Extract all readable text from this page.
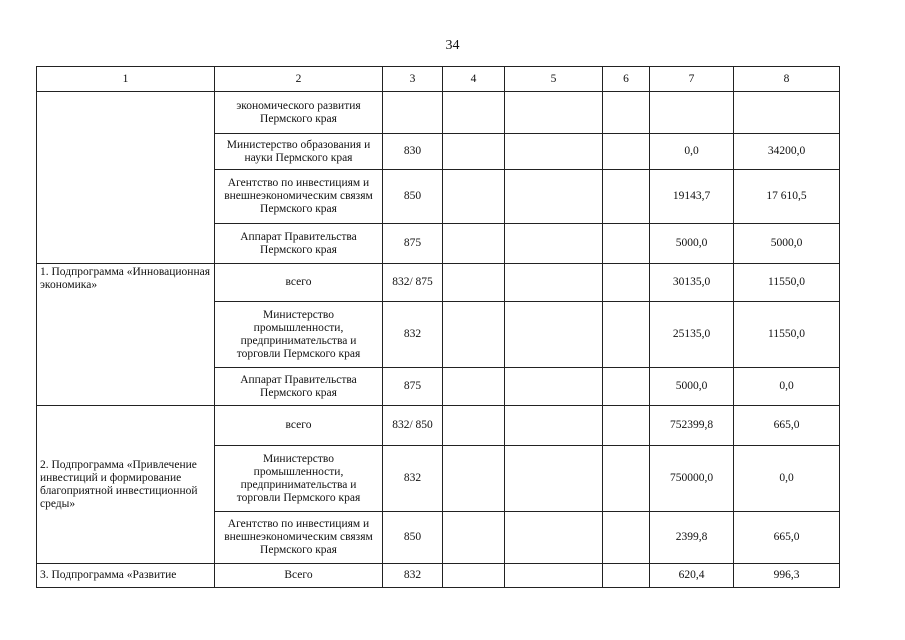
34
1	2	3	4	5	6	7	8
	экономического развития Пермского края						
	Министерство образования и науки Пермского края	830				0,0	34200,0
	Агентство по инвестициям и внешнеэкономическим связям Пермского края	850				19143,7	17 610,5
	Аппарат Правительства Пермского края	875				5000,0	5000,0
1. Подпрограмма «Инновационная экономика»	всего	832/ 875				30135,0	11550,0
	Министерство промышленности, предпринимательства и торговли Пермского края	832				25135,0	11550,0
	Аппарат Правительства Пермского края	875				5000,0	0,0
2. Подпрограмма «Привлечение инвестиций и формирование благоприятной инвестиционной среды»	всего	832/ 850				752399,8	665,0
	Министерство промышленности, предпринимательства и торговли Пермского края	832				750000,0	0,0
	Агентство по инвестициям и внешнеэкономическим связям Пермского края	850				2399,8	665,0
3. Подпрограмма «Развитие	Всего	832				620,4	996,3
